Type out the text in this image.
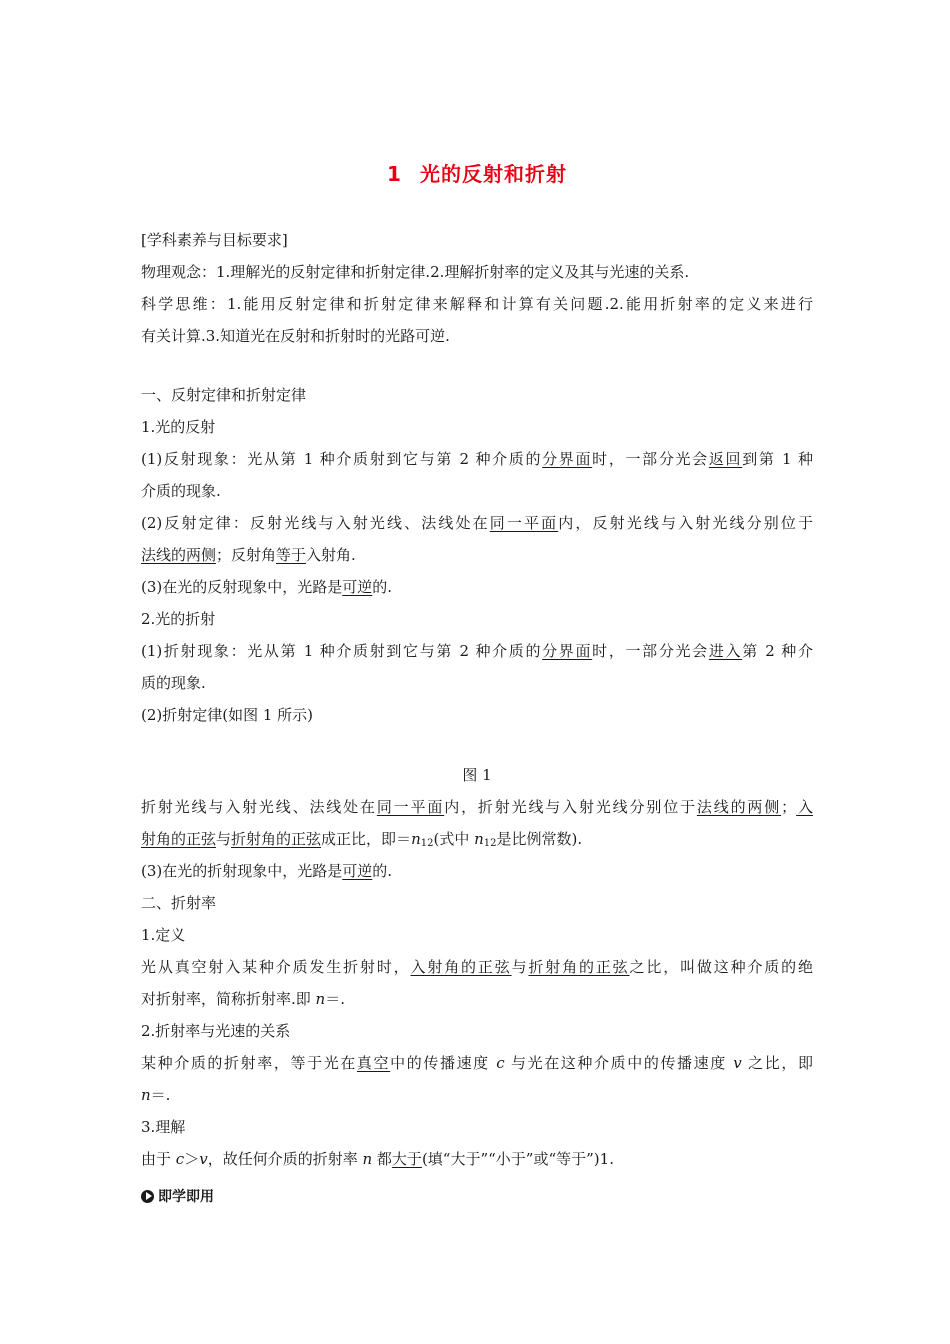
1 光的反射和折射
[学科素养与目标要求]
物理观念：1.理解光的反射定律和折射定律.2.理解折射率的定义及其与光速的关系.
科学思维：1.能用反射定律和折射定律来解释和计算有关问题.2.能用折射率的定义来进行
有关计算.3.知道光在反射和折射时的光路可逆.
一、反射定律和折射定律
1.光的反射
(1)反射现象：光从第 1 种介质射到它与第 2 种介质的分界面时，一部分光会返回到第 1 种
介质的现象.
(2)反射定律：反射光线与入射光线、法线处在同一平面内，反射光线与入射光线分别位于
法线的两侧；反射角等于入射角.
(3)在光的反射现象中，光路是可逆的.
2.光的折射
(1)折射现象：光从第 1 种介质射到它与第 2 种介质的分界面时，一部分光会进入第 2 种介
质的现象.
(2)折射定律(如图 1 所示)
图 1
折射光线与入射光线、法线处在同一平面内，折射光线与入射光线分别位于法线的两侧；入
射角的正弦与折射角的正弦成正比，即$=n_{12}$(式中 $n_{12}$是比例常数).
(3)在光的折射现象中，光路是可逆的.
二、折射率
1.定义
光从真空射入某种介质发生折射时，入射角的正弦与折射角的正弦之比，叫做这种介质的绝
对折射率，简称折射率.即 n＝.
2.折射率与光速的关系
某种介质的折射率，等于光在真空中的传播速度 c 与光在这种介质中的传播速度 v 之比，即
n＝.
3.理解
由于 c＞v，故任何介质的折射率 n 都大于(填“大于”“小于”或“等于”)1.
即学即用
